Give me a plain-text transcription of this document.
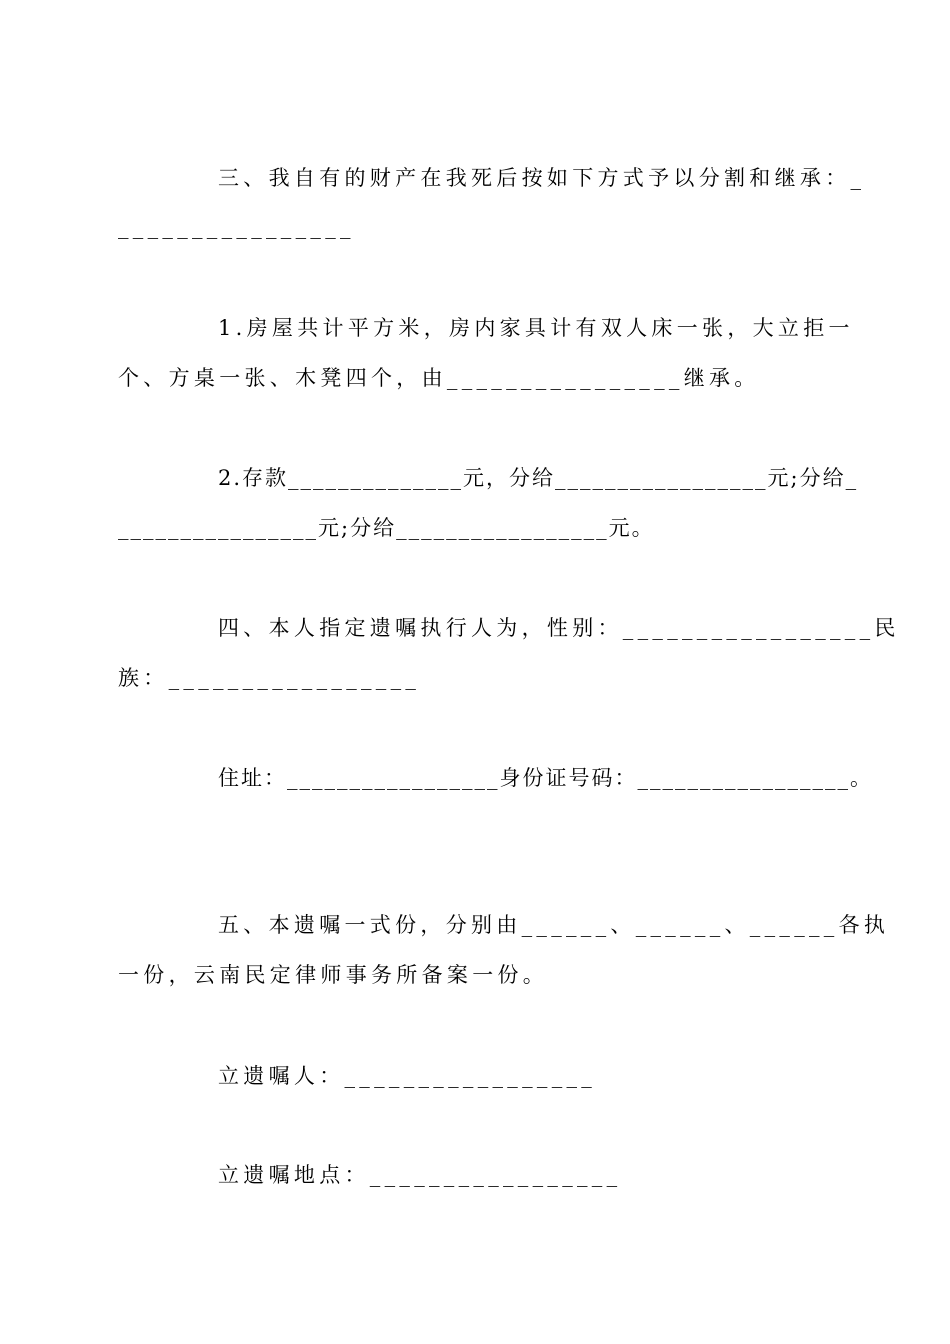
三、我自有的财产在我死后按如下方式予以分割和继承：_

________________

1.房屋共计平方米，房内家具计有双人床一张，大立拒一

个、方桌一张、木凳四个，由________________继承。

2.存款______________元，分给_________________元;分给_

________________元;分给_________________元。

四、本人指定遗嘱执行人为，性别：_________________民

族：_________________

住址：_________________身份证号码：_________________。

五、本遗嘱一式份，分别由______、______、______各执

一份，云南民定律师事务所备案一份。

立遗嘱人：_________________

立遗嘱地点：_________________
